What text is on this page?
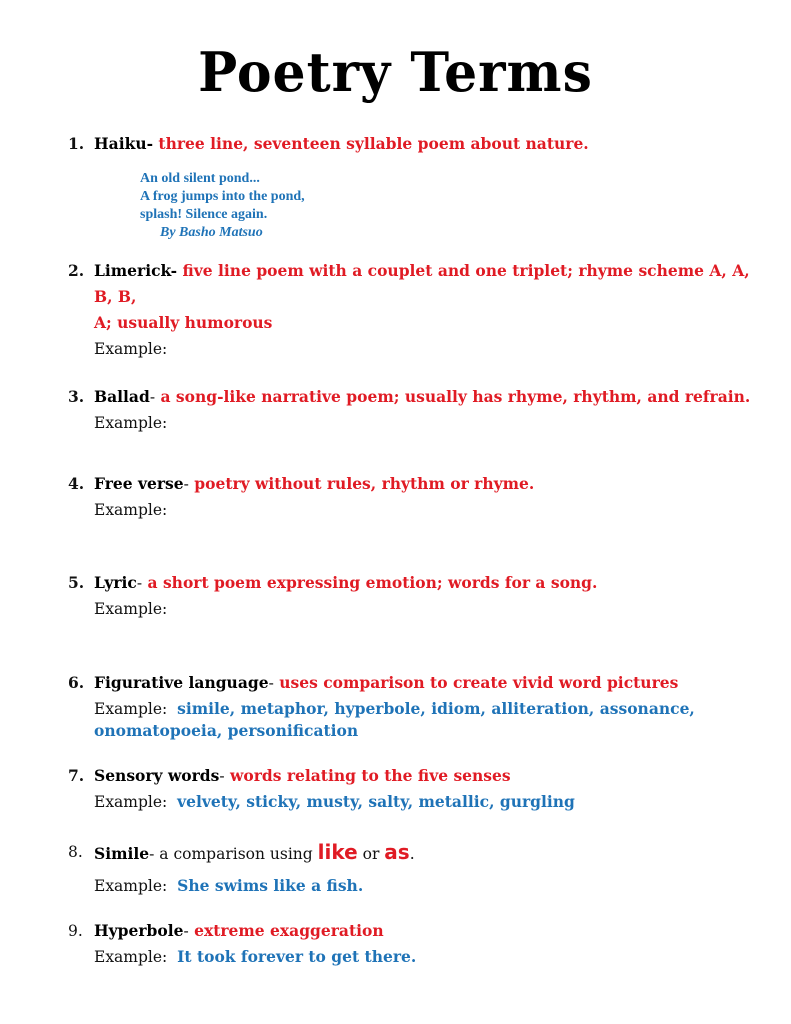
Poetry Terms
1. Haiku- three line, seventeen syllable poem about nature.
An old silent pond...
A frog jumps into the pond,
splash! Silence again.
By Basho Matsuo
2. Limerick- five line poem with a couplet and one triplet; rhyme scheme A, A, B, B,
A; usually humorous
Example:
3. Ballad- a song-like narrative poem; usually has rhyme, rhythm, and refrain.
Example:
4. Free verse- poetry without rules, rhythm or rhyme.
Example:
5. Lyric- a short poem expressing emotion; words for a song.
Example:
6. Figurative language- uses comparison to create vivid word pictures
Example: simile, metaphor, hyperbole, idiom, alliteration, assonance,
onomatopoeia, personification
7. Sensory words- words relating to the five senses
Example: velvety, sticky, musty, salty, metallic, gurgling
8. Simile- a comparison using like or as.
Example: She swims like a fish.
9. Hyperbole- extreme exaggeration
Example: It took forever to get there.
